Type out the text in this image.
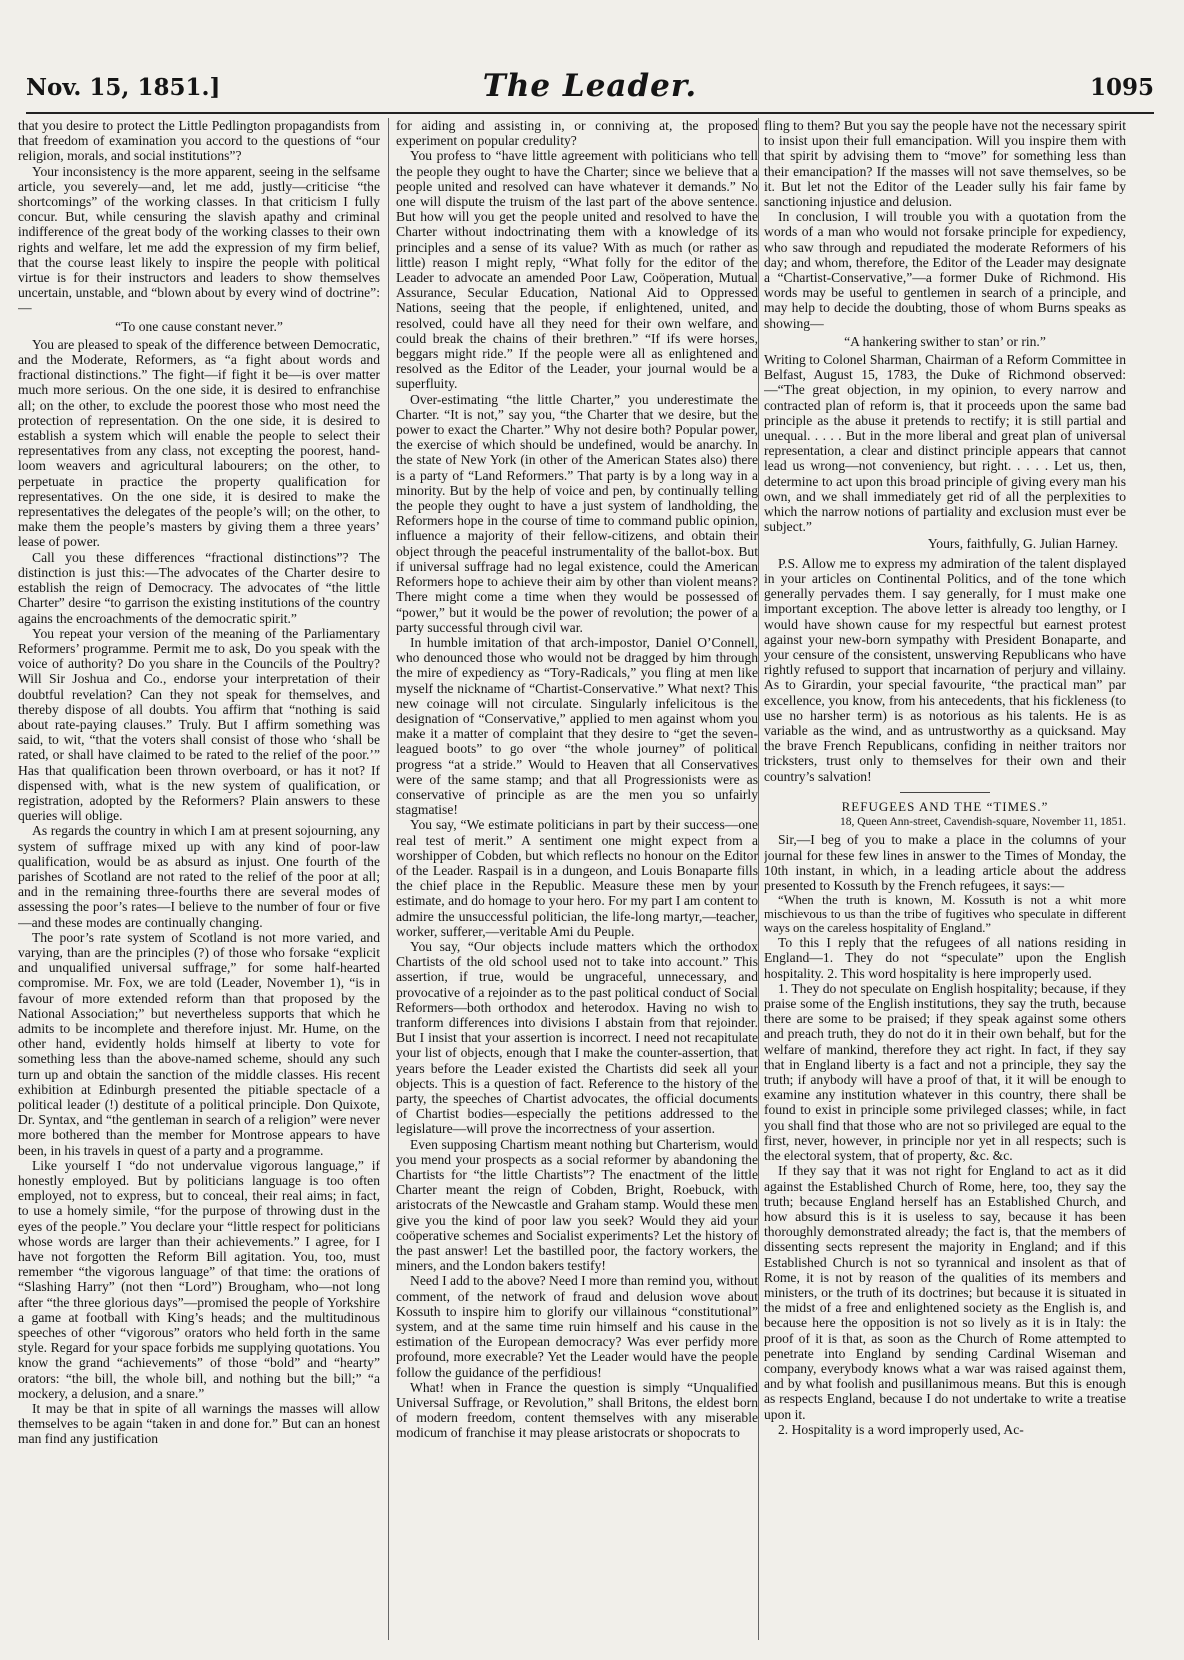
Nov. 15, 1851.]	The Leader.	1095

that you desire to protect the Little Pedlington propagandists from that freedom of examination you accord to the questions of “our religion, morals, and social institutions”?

Your inconsistency is the more apparent, seeing in the selfsame article, you severely—and, let me add, justly—criticise “the shortcomings” of the working classes. In that criticism I fully concur. But, while censuring the slavish apathy and criminal indifference of the great body of the working classes to their own rights and welfare, let me add the expression of my firm belief, that the course least likely to inspire the people with political virtue is for their instructors and leaders to show themselves uncertain, unstable, and “blown about by every wind of doctrine”:—

“To one cause constant never.”

You are pleased to speak of the difference between Democratic, and the Moderate, Reformers, as “a fight about words and fractional distinctions.” The fight—if fight it be—is over matter much more serious. On the one side, it is desired to enfranchise all; on the other, to exclude the poorest those who most need the protection of representation. On the one side, it is desired to establish a system which will enable the people to select their representatives from any class, not excepting the poorest, hand-loom weavers and agricultural labourers; on the other, to perpetuate in practice the property qualification for representatives. On the one side, it is desired to make the representatives the delegates of the people’s will; on the other, to make them the people’s masters by giving them a three years’ lease of power.

Call you these differences “fractional distinctions”? The distinction is just this:—The advocates of the Charter desire to establish the reign of Democracy. The advocates of “the little Charter” desire “to garrison the existing institutions of the country agains the encroachments of the democratic spirit.”

You repeat your version of the meaning of the Parliamentary Reformers’ programme. Permit me to ask, Do you speak with the voice of authority? Do you share in the Councils of the Poultry? Will Sir Joshua and Co., endorse your interpretation of their doubtful revelation? Can they not speak for themselves, and thereby dispose of all doubts. You affirm that “nothing is said about rate-paying clauses.” Truly. But I affirm something was said, to wit, “that the voters shall consist of those who ‘shall be rated, or shall have claimed to be rated to the relief of the poor.’” Has that qualification been thrown overboard, or has it not? If dispensed with, what is the new system of qualification, or registration, adopted by the Reformers? Plain answers to these queries will oblige.

As regards the country in which I am at present sojourning, any system of suffrage mixed up with any kind of poor-law qualification, would be as absurd as injust. One fourth of the parishes of Scotland are not rated to the relief of the poor at all; and in the remaining three-fourths there are several modes of assessing the poor’s rates—I believe to the number of four or five—and these modes are continually changing.

The poor’s rate system of Scotland is not more varied, and varying, than are the principles (?) of those who forsake “explicit and unqualified universal suffrage,” for some half-hearted compromise. Mr. Fox, we are told (Leader, November 1), “is in favour of more extended reform than that proposed by the National Association;” but nevertheless supports that which he admits to be incomplete and therefore injust. Mr. Hume, on the other hand, evidently holds himself at liberty to vote for something less than the above-named scheme, should any such turn up and obtain the sanction of the middle classes. His recent exhibition at Edinburgh presented the pitiable spectacle of a political leader (!) destitute of a political principle. Don Quixote, Dr. Syntax, and “the gentleman in search of a religion” were never more bothered than the member for Montrose appears to have been, in his travels in quest of a party and a programme.

Like yourself I “do not undervalue vigorous language,” if honestly employed. But by politicians language is too often employed, not to express, but to conceal, their real aims; in fact, to use a homely simile, “for the purpose of throwing dust in the eyes of the people.” You declare your “little respect for politicians whose words are larger than their achievements.” I agree, for I have not forgotten the Reform Bill agitation. You, too, must remember “the vigorous language” of that time: the orations of “Slashing Harry” (not then “Lord”) Brougham, who—not long after “the three glorious days”—promised the people of Yorkshire a game at football with King’s heads; and the multitudinous speeches of other “vigorous” orators who held forth in the same style. Regard for your space forbids me supplying quotations. You know the grand “achievements” of those “bold” and “hearty” orators: “the bill, the whole bill, and nothing but the bill;” “a mockery, a delusion, and a snare.”

It may be that in spite of all warnings the masses will allow themselves to be again “taken in and done for.” But can an honest man find any justification

for aiding and assisting in, or conniving at, the proposed experiment on popular credulity?

You profess to “have little agreement with politicians who tell the people they ought to have the Charter; since we believe that a people united and resolved can have whatever it demands.” No one will dispute the truism of the last part of the above sentence. But how will you get the people united and resolved to have the Charter without indoctrinating them with a knowledge of its principles and a sense of its value? With as much (or rather as little) reason I might reply, “What folly for the editor of the Leader to advocate an amended Poor Law, Coöperation, Mutual Assurance, Secular Education, National Aid to Oppressed Nations, seeing that the people, if enlightened, united, and resolved, could have all they need for their own welfare, and could break the chains of their brethren.” “If ifs were horses, beggars might ride.” If the people were all as enlightened and resolved as the Editor of the Leader, your journal would be a superfluity.

Over-estimating “the little Charter,” you underestimate the Charter. “It is not,” say you, “the Charter that we desire, but the power to exact the Charter.” Why not desire both? Popular power, the exercise of which should be undefined, would be anarchy. In the state of New York (in other of the American States also) there is a party of “Land Reformers.” That party is by a long way in a minority. But by the help of voice and pen, by continually telling the people they ought to have a just system of landholding, the Reformers hope in the course of time to command public opinion, influence a majority of their fellow-citizens, and obtain their object through the peaceful instrumentality of the ballot-box. But if universal suffrage had no legal existence, could the American Reformers hope to achieve their aim by other than violent means? There might come a time when they would be possessed of “power,” but it would be the power of revolution; the power of a party successful through civil war.

In humble imitation of that arch-impostor, Daniel O’Connell, who denounced those who would not be dragged by him through the mire of expediency as “Tory-Radicals,” you fling at men like myself the nickname of “Chartist-Conservative.” What next? This new coinage will not circulate. Singularly infelicitous is the designation of “Conservative,” applied to men against whom you make it a matter of complaint that they desire to “get the seven-leagued boots” to go over “the whole journey” of political progress “at a stride.” Would to Heaven that all Conservatives were of the same stamp; and that all Progressionists were as conservative of principle as are the men you so unfairly stagmatise!

You say, “We estimate politicians in part by their success—one real test of merit.” A sentiment one might expect from a worshipper of Cobden, but which reflects no honour on the Editor of the Leader. Raspail is in a dungeon, and Louis Bonaparte fills the chief place in the Republic. Measure these men by your estimate, and do homage to your hero. For my part I am content to admire the unsuccessful politician, the life-long martyr,—teacher, worker, sufferer,—veritable Ami du Peuple.

You say, “Our objects include matters which the orthodox Chartists of the old school used not to take into account.” This assertion, if true, would be ungraceful, unnecessary, and provocative of a rejoinder as to the past political conduct of Social Reformers—both orthodox and heterodox. Having no wish to tranform differences into divisions I abstain from that rejoinder. But I insist that your assertion is incorrect. I need not recapitulate your list of objects, enough that I make the counter-assertion, that years before the Leader existed the Chartists did seek all your objects. This is a question of fact. Reference to the history of the party, the speeches of Chartist advocates, the official documents of Chartist bodies—especially the petitions addressed to the legislature—will prove the incorrectness of your assertion.

Even supposing Chartism meant nothing but Charterism, would you mend your prospects as a social reformer by abandoning the Chartists for “the little Chartists”? The enactment of the little Charter meant the reign of Cobden, Bright, Roebuck, with aristocrats of the Newcastle and Graham stamp. Would these men give you the kind of poor law you seek? Would they aid your coöperative schemes and Socialist experiments? Let the history of the past answer! Let the bastilled poor, the factory workers, the miners, and the London bakers testify!

Need I add to the above? Need I more than remind you, without comment, of the network of fraud and delusion wove about Kossuth to inspire him to glorify our villainous “constitutional” system, and at the same time ruin himself and his cause in the estimation of the European democracy? Was ever perfidy more profound, more execrable? Yet the Leader would have the people follow the guidance of the perfidious!

What! when in France the question is simply “Unqualified Universal Suffrage, or Revolution,” shall Britons, the eldest born of modern freedom, content themselves with any miserable modicum of franchise it may please aristocrats or shopocrats to

fling to them? But you say the people have not the necessary spirit to insist upon their full emancipation. Will you inspire them with that spirit by advising them to “move” for something less than their emancipation? If the masses will not save themselves, so be it. But let not the Editor of the Leader sully his fair fame by sanctioning injustice and delusion.

In conclusion, I will trouble you with a quotation from the words of a man who would not forsake principle for expediency, who saw through and repudiated the moderate Reformers of his day; and whom, therefore, the Editor of the Leader may designate a “Chartist-Conservative,”—a former Duke of Richmond. His words may be useful to gentlemen in search of a principle, and may help to decide the doubting, those of whom Burns speaks as showing—

“A hankering swither to stan’ or rin.”

Writing to Colonel Sharman, Chairman of a Reform Committee in Belfast, August 15, 1783, the Duke of Richmond observed:—“The great objection, in my opinion, to every narrow and contracted plan of reform is, that it proceeds upon the same bad principle as the abuse it pretends to rectify; it is still partial and unequal. . . . . But in the more liberal and great plan of universal representation, a clear and distinct principle appears that cannot lead us wrong—not conveniency, but right. . . . . Let us, then, determine to act upon this broad principle of giving every man his own, and we shall immediately get rid of all the perplexities to which the narrow notions of partiality and exclusion must ever be subject.”

Yours, faithfully, G. Julian Harney.

P.S. Allow me to express my admiration of the talent displayed in your articles on Continental Politics, and of the tone which generally pervades them. I say generally, for I must make one important exception. The above letter is already too lengthy, or I would have shown cause for my respectful but earnest protest against your new-born sympathy with President Bonaparte, and your censure of the consistent, unswerving Republicans who have rightly refused to support that incarnation of perjury and villainy. As to Girardin, your special favourite, “the practical man” par excellence, you know, from his antecedents, that his fickleness (to use no harsher term) is as notorious as his talents. He is as variable as the wind, and as untrustworthy as a quicksand. May the brave French Republicans, confiding in neither traitors nor tricksters, trust only to themselves for their own and their country’s salvation!

REFUGEES AND THE “TIMES.”

18, Queen Ann-street, Cavendish-square, November 11, 1851.

Sir,—I beg of you to make a place in the columns of your journal for these few lines in answer to the Times of Monday, the 10th instant, in which, in a leading article about the address presented to Kossuth by the French refugees, it says:—

“When the truth is known, M. Kossuth is not a whit more mischievous to us than the tribe of fugitives who speculate in different ways on the careless hospitality of England.”

To this I reply that the refugees of all nations residing in England—1. They do not “speculate” upon the English hospitality. 2. This word hospitality is here improperly used.

1. They do not speculate on English hospitality; because, if they praise some of the English institutions, they say the truth, because there are some to be praised; if they speak against some others and preach truth, they do not do it in their own behalf, but for the welfare of mankind, therefore they act right. In fact, if they say that in England liberty is a fact and not a principle, they say the truth; if anybody will have a proof of that, it it will be enough to examine any institution whatever in this country, there shall be found to exist in principle some privileged classes; while, in fact you shall find that those who are not so privileged are equal to the first, never, however, in principle nor yet in all respects; such is the electoral system, that of property, &c. &c.

If they say that it was not right for England to act as it did against the Established Church of Rome, here, too, they say the truth; because England herself has an Established Church, and how absurd this is it is useless to say, because it has been thoroughly demonstrated already; the fact is, that the members of dissenting sects represent the majority in England; and if this Established Church is not so tyrannical and insolent as that of Rome, it is not by reason of the qualities of its members and ministers, or the truth of its doctrines; but because it is situated in the midst of a free and enlightened society as the English is, and because here the opposition is not so lively as it is in Italy: the proof of it is that, as soon as the Church of Rome attempted to penetrate into England by sending Cardinal Wiseman and company, everybody knows what a war was raised against them, and by what foolish and pusillanimous means. But this is enough as respects England, because I do not undertake to write a treatise upon it.

2. Hospitality is a word improperly used, Ac-
